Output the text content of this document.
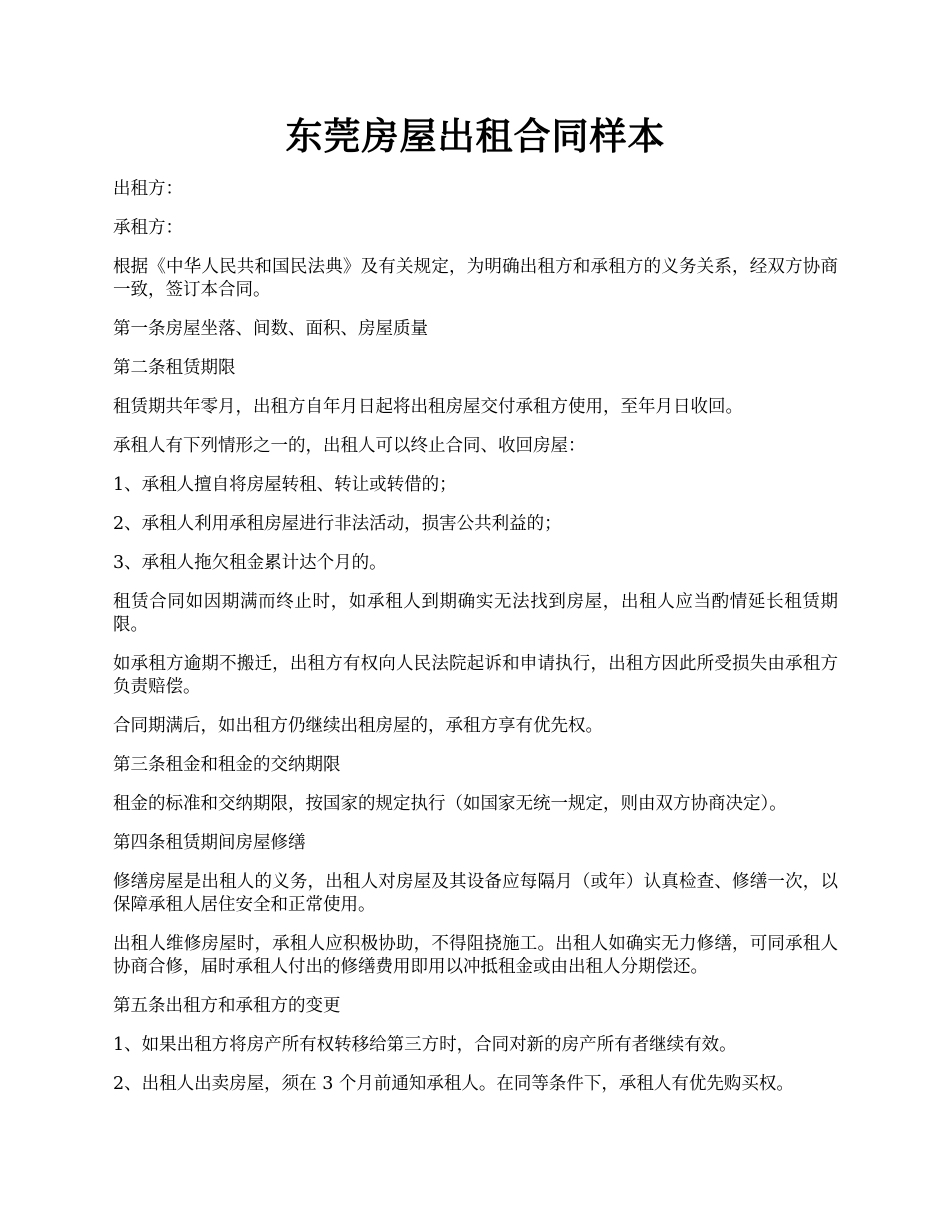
东莞房屋出租合同样本

出租方：

承租方：

根据《中华人民共和国民法典》及有关规定，为明确出租方和承租方的义务关系，经双方协商一致，签订本合同。

第一条房屋坐落、间数、面积、房屋质量

第二条租赁期限

租赁期共年零月，出租方自年月日起将出租房屋交付承租方使用，至年月日收回。

承租人有下列情形之一的，出租人可以终止合同、收回房屋：

1、承租人擅自将房屋转租、转让或转借的；

2、承租人利用承租房屋进行非法活动，损害公共利益的；

3、承租人拖欠租金累计达个月的。

租赁合同如因期满而终止时，如承租人到期确实无法找到房屋，出租人应当酌情延长租赁期限。

如承租方逾期不搬迁，出租方有权向人民法院起诉和申请执行，出租方因此所受损失由承租方负责赔偿。

合同期满后，如出租方仍继续出租房屋的，承租方享有优先权。

第三条租金和租金的交纳期限

租金的标准和交纳期限，按国家的规定执行（如国家无统一规定，则由双方协商决定）。

第四条租赁期间房屋修缮

修缮房屋是出租人的义务，出租人对房屋及其设备应每隔月（或年）认真检查、修缮一次，以保障承租人居住安全和正常使用。

出租人维修房屋时，承租人应积极协助，不得阻挠施工。出租人如确实无力修缮，可同承租人协商合修，届时承租人付出的修缮费用即用以冲抵租金或由出租人分期偿还。

第五条出租方和承租方的变更

1、如果出租方将房产所有权转移给第三方时，合同对新的房产所有者继续有效。

2、出租人出卖房屋，须在 3 个月前通知承租人。在同等条件下，承租人有优先购买权。
